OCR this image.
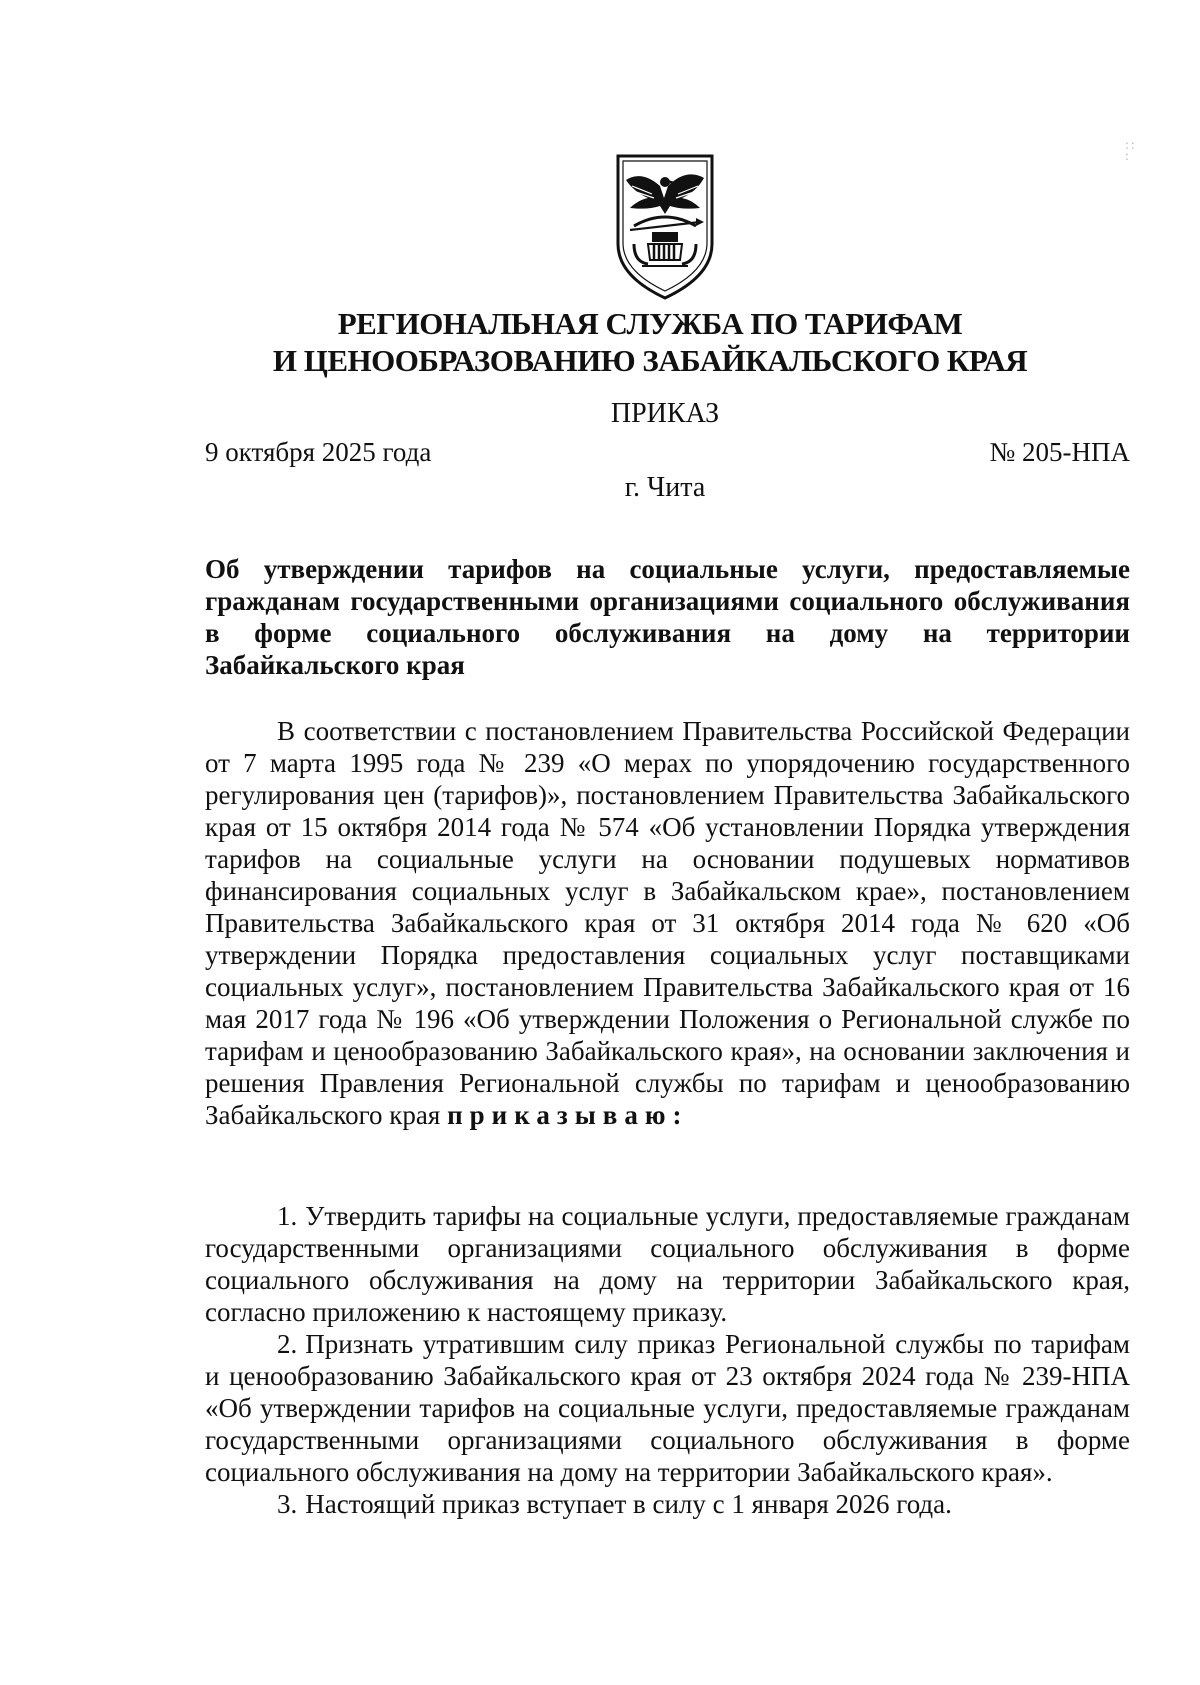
::
:
РЕГИОНАЛЬНАЯ СЛУЖБА ПО ТАРИФАМ
И ЦЕНООБРАЗОВАНИЮ ЗАБАЙКАЛЬСКОГО КРАЯ
ПРИКАЗ
9 октября 2025 года	№ 205-НПА
г. Чита
Об утверждении тарифов на социальные услуги, предоставляемые гражданам государственными организациями социального обслуживания в форме социального обслуживания на дому на территории Забайкальского края

В соответствии с постановлением Правительства Российской Федерации от 7 марта 1995 года № 239 «О мерах по упорядочению государственного регулирования цен (тарифов)», постановлением Правительства Забайкальского края от 15 октября 2014 года № 574 «Об установлении Порядка утверждения тарифов на социальные услуги на основании подушевых нормативов финансирования социальных услуг в Забайкальском крае», постановлением Правительства Забайкальского края от 31 октября 2014 года № 620 «Об утверждении Порядка предоставления социальных услуг поставщиками социальных услуг», постановлением Правительства Забайкальского края от 16 мая 2017 года № 196 «Об утверждении Положения о Региональной службе по тарифам и ценообразованию Забайкальского края», на основании заключения и решения Правления Региональной службы по тарифам и ценообразованию Забайкальского края приказываю:

1. Утвердить тарифы на социальные услуги, предоставляемые гражданам государственными организациями социального обслуживания в форме социального обслуживания на дому на территории Забайкальского края, согласно приложению к настоящему приказу.
2. Признать утратившим силу приказ Региональной службы по тарифам и ценообразованию Забайкальского края от 23 октября 2024 года № 239-НПА «Об утверждении тарифов на социальные услуги, предоставляемые гражданам государственными организациями социального обслуживания в форме социального обслуживания на дому на территории Забайкальского края».
3. Настоящий приказ вступает в силу с 1 января 2026 года.
